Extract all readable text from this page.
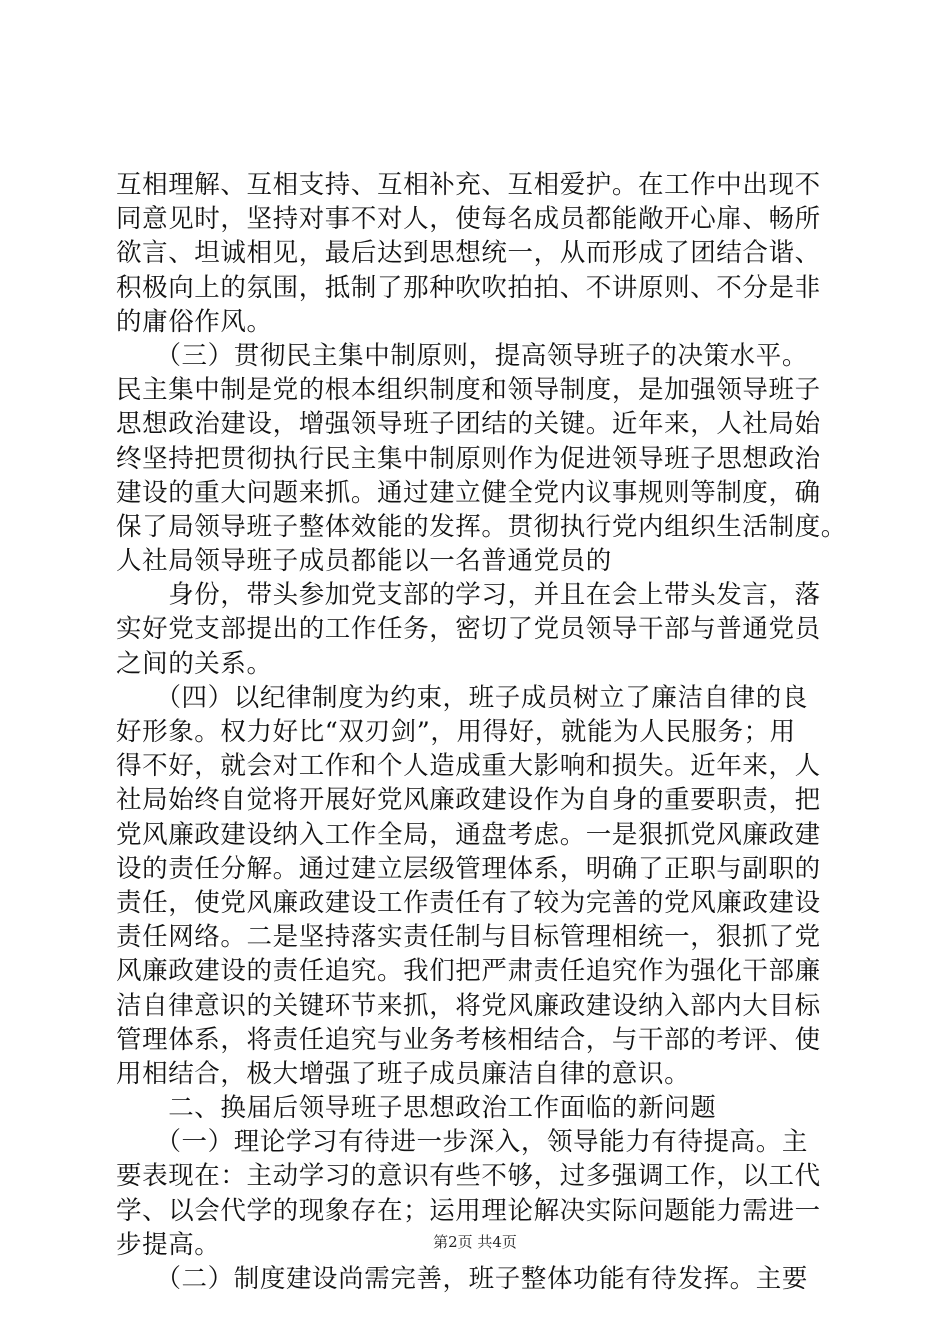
互相理解、互相支持、互相补充、互相爱护。在工作中出现不
同意见时，坚持对事不对人，使每名成员都能敞开心扉、畅所
欲言、坦诚相见，最后达到思想统一，从而形成了团结合谐、
积极向上的氛围，抵制了那种吹吹拍拍、不讲原则、不分是非
的庸俗作风。
　　（三）贯彻民主集中制原则，提高领导班子的决策水平。
民主集中制是党的根本组织制度和领导制度，是加强领导班子
思想政治建设，增强领导班子团结的关键。近年来，人社局始
终坚持把贯彻执行民主集中制原则作为促进领导班子思想政治
建设的重大问题来抓。通过建立健全党内议事规则等制度，确
保了局领导班子整体效能的发挥。贯彻执行党内组织生活制度。
人社局领导班子成员都能以一名普通党员的
　　身份，带头参加党支部的学习，并且在会上带头发言，落
实好党支部提出的工作任务，密切了党员领导干部与普通党员
之间的关系。
　　（四）以纪律制度为约束，班子成员树立了廉洁自律的良
好形象。权力好比“双刃剑”，用得好，就能为人民服务；用
得不好，就会对工作和个人造成重大影响和损失。近年来，人
社局始终自觉将开展好党风廉政建设作为自身的重要职责，把
党风廉政建设纳入工作全局，通盘考虑。一是狠抓党风廉政建
设的责任分解。通过建立层级管理体系，明确了正职与副职的
责任，使党风廉政建设工作责任有了较为完善的党风廉政建设
责任网络。二是坚持落实责任制与目标管理相统一，狠抓了党
风廉政建设的责任追究。我们把严肃责任追究作为强化干部廉
洁自律意识的关键环节来抓，将党风廉政建设纳入部内大目标
管理体系，将责任追究与业务考核相结合，与干部的考评、使
用相结合，极大增强了班子成员廉洁自律的意识。
　　二、换届后领导班子思想政治工作面临的新问题
　　（一）理论学习有待进一步深入，领导能力有待提高。主
要表现在：主动学习的意识有些不够，过多强调工作，以工代
学、以会代学的现象存在；运用理论解决实际问题能力需进一
步提高。
　　（二）制度建设尚需完善，班子整体功能有待发挥。主要
第2页 共4页
